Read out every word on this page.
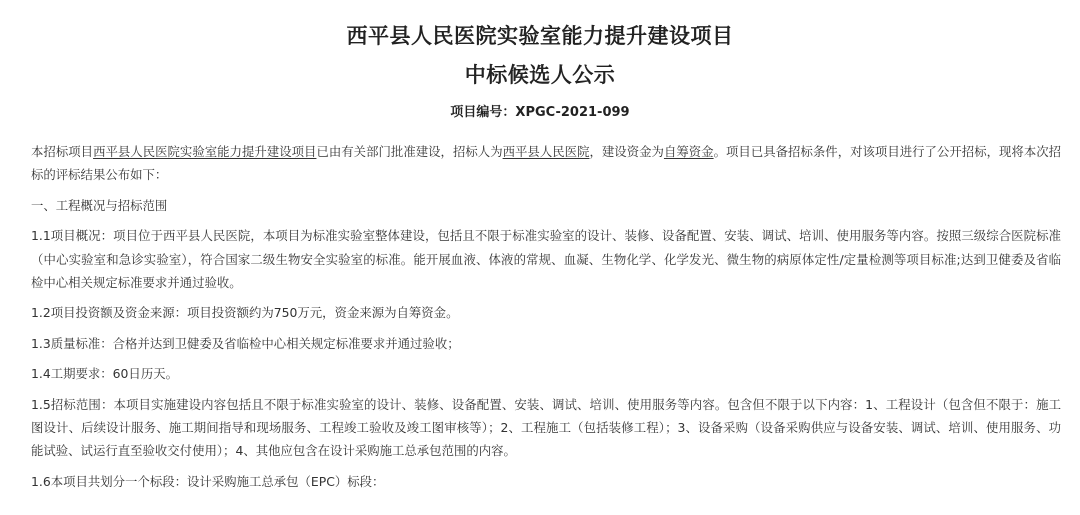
西平县人民医院实验室能力提升建设项目
中标候选人公示
项目编号：XPGC-2021-099

本招标项目西平县人民医院实验室能力提升建设项目已由有关部门批准建设，招标人为西平县人民医院，建设资金为自筹资金。项目已具备招标条件，对该项目进行了公开招标，现将本次招标的评标结果公布如下：

一、工程概况与招标范围

1.1项目概况：项目位于西平县人民医院，本项目为标准实验室整体建设，包括且不限于标准实验室的设计、装修、设备配置、安装、调试、培训、使用服务等内容。按照三级综合医院标准（中心实验室和急诊实验室），符合国家二级生物安全实验室的标准。能开展血液、体液的常规、血凝、生物化学、化学发光、微生物的病原体定性/定量检测等项目标准;达到卫健委及省临检中心相关规定标准要求并通过验收。

1.2项目投资额及资金来源：项目投资额约为750万元，资金来源为自筹资金。

1.3质量标准：合格并达到卫健委及省临检中心相关规定标准要求并通过验收；

1.4工期要求：60日历天。

1.5招标范围：本项目实施建设内容包括且不限于标准实验室的设计、装修、设备配置、安装、调试、培训、使用服务等内容。包含但不限于以下内容：1、工程设计（包含但不限于：施工图设计、后续设计服务、施工期间指导和现场服务、工程竣工验收及竣工图审核等）；2、工程施工（包括装修工程）；3、设备采购（设备采购供应与设备安装、调试、培训、使用服务、功能试验、试运行直至验收交付使用）；4、其他应包含在设计采购施工总承包范围的内容。

1.6本项目共划分一个标段：设计采购施工总承包（EPC）标段：
